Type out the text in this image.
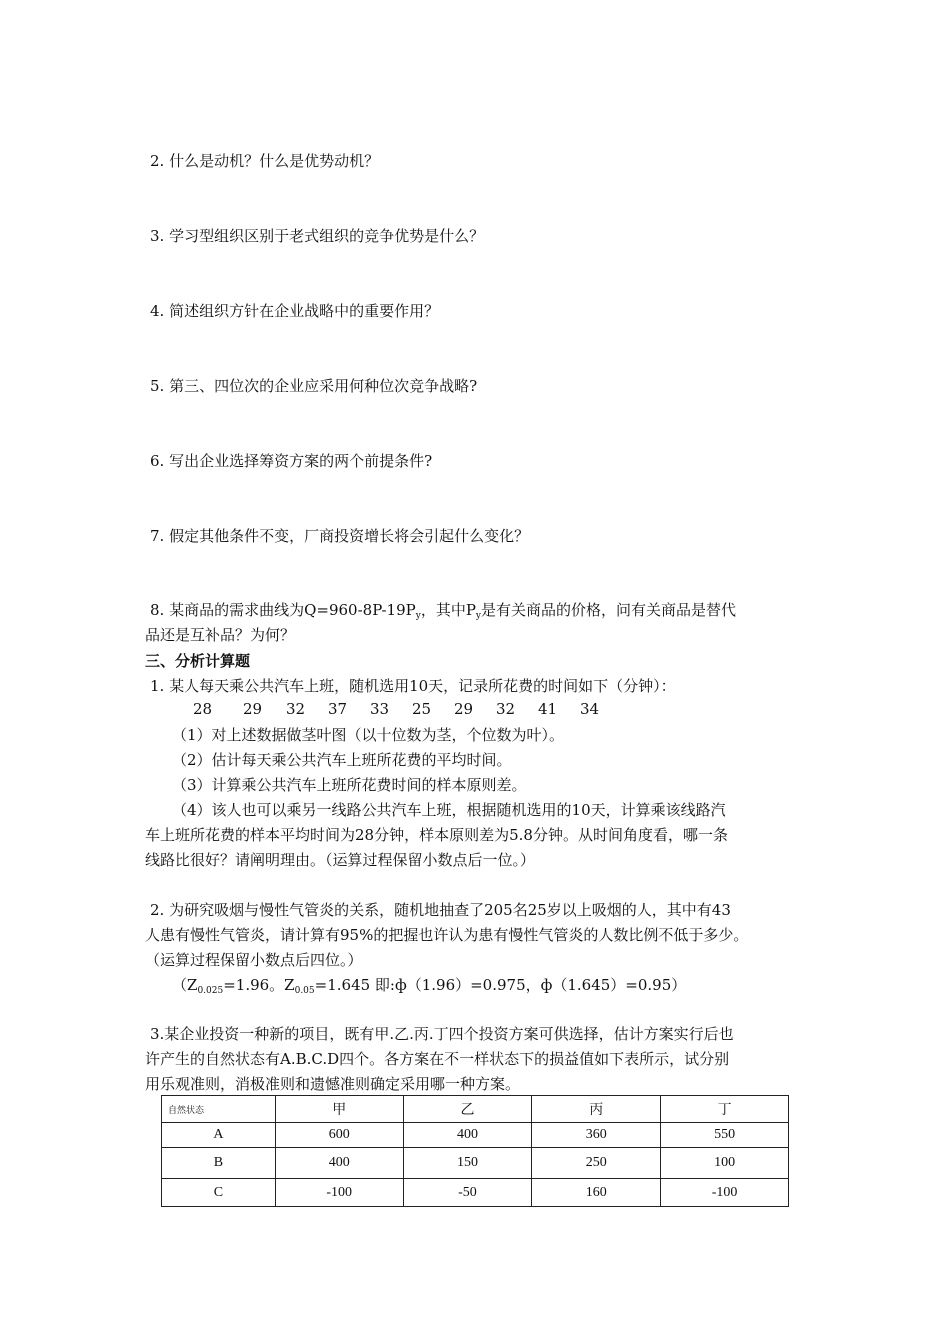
2. 什么是动机？什么是优势动机？
3. 学习型组织区别于老式组织的竞争优势是什么？
4. 简述组织方针在企业战略中的重要作用？
5. 第三、四位次的企业应采用何种位次竞争战略?
6. 写出企业选择筹资方案的两个前提条件?
7. 假定其他条件不变，厂商投资增长将会引起什么变化？
8. 某商品的需求曲线为$Q=960-8P-19P_y$，其中$P_y$是有关商品的价格，问有关商品是替代
品还是互补品？为何？
三、分析计算题
1. 某人每天乘公共汽车上班，随机选用10天，记录所花费的时间如下（分钟）：
28 29 32 37 33 25 29 32 41 34
（1）对上述数据做茎叶图（以十位数为茎，个位数为叶）。
（2）估计每天乘公共汽车上班所花费的平均时间。
（3）计算乘公共汽车上班所花费时间的样本原则差。
（4）该人也可以乘另一线路公共汽车上班，根据随机选用的10天，计算乘该线路汽
车上班所花费的样本平均时间为28分钟，样本原则差为5.8分钟。从时间角度看，哪一条
线路比很好？请阐明理由。（运算过程保留小数点后一位。）
2. 为研究吸烟与慢性气管炎的关系，随机地抽查了205名25岁以上吸烟的人，其中有43
人患有慢性气管炎，请计算有95%的把握也许认为患有慢性气管炎的人数比例不低于多少。
（运算过程保留小数点后四位。）
（$Z_{0.025}=1.96$。$Z_{0.05}=1.645$ 即:ф（1.96）=0.975，ф（1.645）=0.95）
3.某企业投资一种新的项目，既有甲.乙.丙.丁四个投资方案可供选择，估计方案实行后也
许产生的自然状态有A.B.C.D四个。各方案在不一样状态下的损益值如下表所示，试分别
用乐观准则，消极准则和遗憾准则确定采用哪一种方案。
自然状态	甲	乙	丙	丁
A	600	400	360	550
B	400	150	250	100
C	-100	-50	160	-100
